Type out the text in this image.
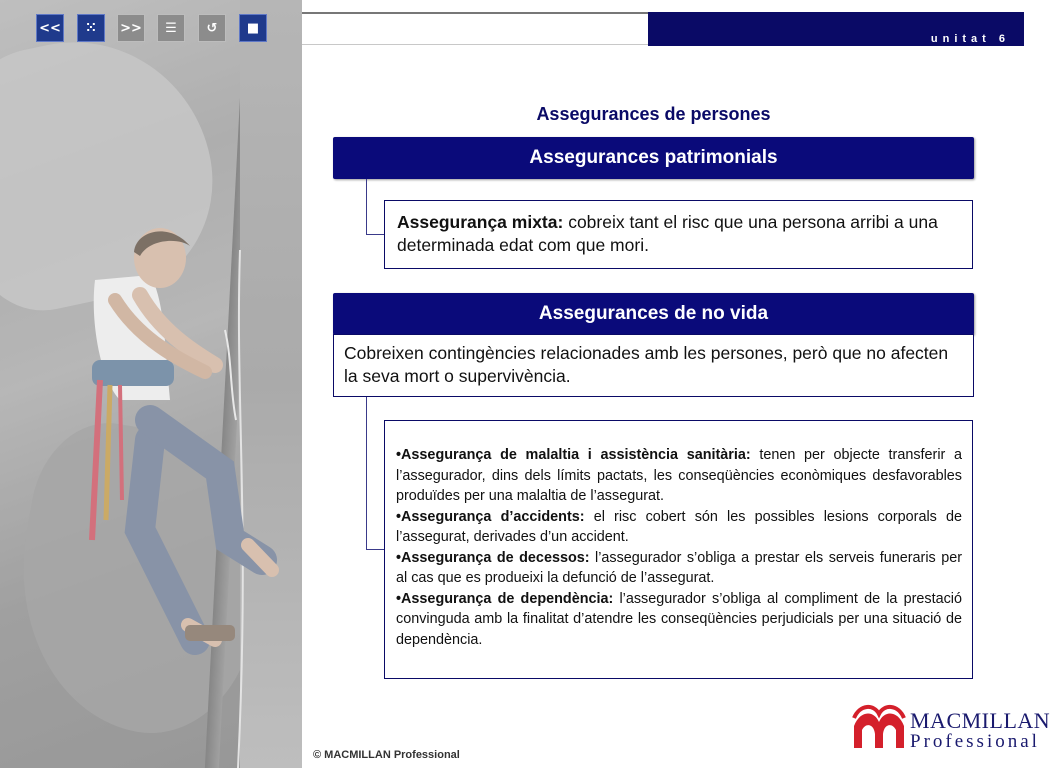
<< ⁙ >> ☰ ↺ ■
unitat 6
Assegurances de persones
Assegurances patrimonials
Assegurança mixta: cobreix tant el risc que una persona arribi a una determinada edat com que mori.
Assegurances de no vida
Cobreixen contingències relacionades amb les persones, però que no afecten la seva mort o supervivència.

•Assegurança de malaltia i assistència sanitària: tenen per objecte transferir a l’assegurador, dins dels límits pactats, les conseqüències econòmiques desfavorables produïdes per una malaltia de l’assegurat.

•Assegurança d’accidents: el risc cobert són les possibles lesions corporals de l’assegurat, derivades d’un accident.

•Assegurança de decessos: l’assegurador s’obliga a prestar els serveis funeraris per al cas que es produeixi la defunció de l’assegurat.

•Assegurança de dependència: l’assegurador s’obliga al compliment de la prestació convinguda amb la finalitat d’atendre les conseqüències perjudicials per una situació de dependència.

© MACMILLAN Professional
MACMILLAN
Professional
